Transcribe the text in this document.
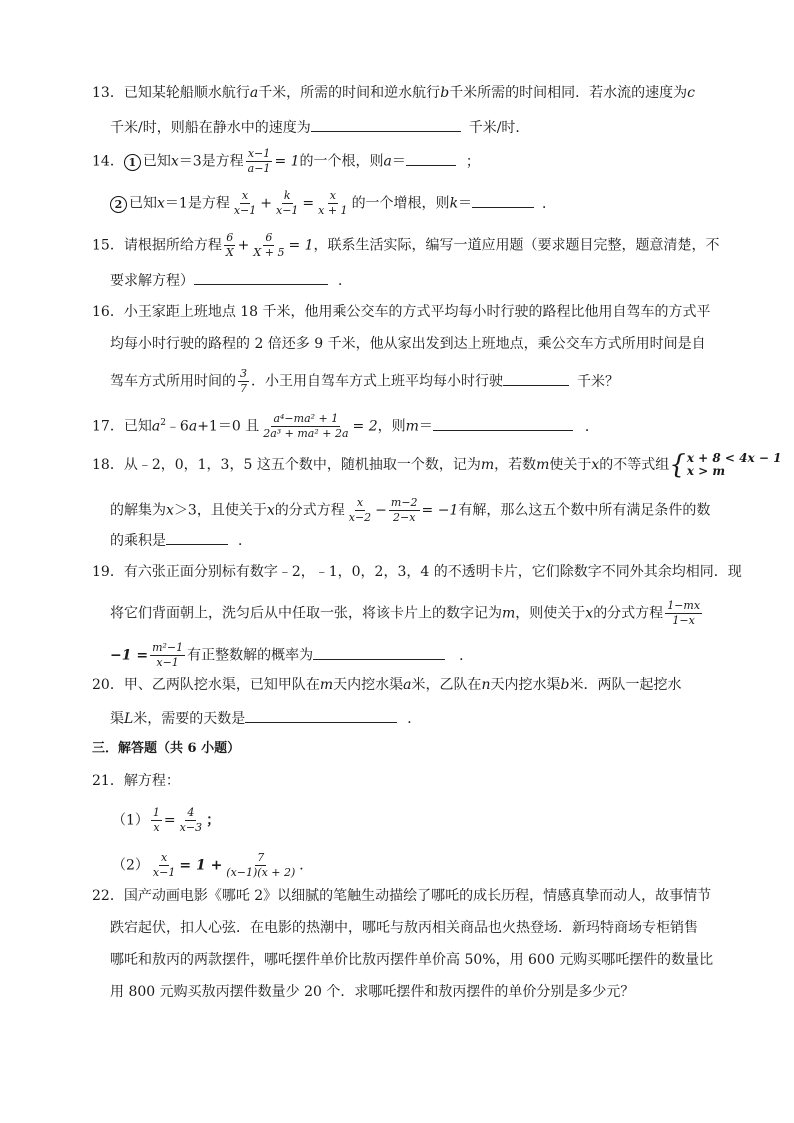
13．已知某轮船顺水航行a千米，所需的时间和逆水航行b千米所需的时间相同．若水流的速度为c
千米/时，则船在静水中的速度为	千米/时．
14． 1 已知x＝3是方程 $\frac{x-1}{a-1} = 1$的一个根，则a＝	；
2 已知x＝1是方程 $\frac{x}{x-1} + \frac{k}{x-1} = \frac{x}{x + 1}$ 的一个增根，则k＝	．
15．请根据所给方程 $\frac{6}{X} + \frac{6}{X + 5} = 1$，联系生活实际，编写一道应用题（要求题目完整，题意清楚，不
要求解方程）	．
16．小王家距上班地点 18 千米，他用乘公交车的方式平均每小时行驶的路程比他用自驾车的方式平
均每小时行驶的路程的 2 倍还多 9 千米，他从家出发到达上班地点，乘公交车方式所用时间是自
驾车方式所用时间的 $\frac{3}{7}$ ．小王用自驾车方式上班平均每小时行驶	千米？
17．已知$a^2﹣6a+1=0$ 且 $\frac{\text{a⁴−ma² + 1}}{\text{2a³ + ma² + 2a}} = 2$，则m＝	．
18．从﹣2，0，1，3，5 这五个数中，随机抽取一个数，记为m，若数m使关于x的不等式组 { x + 8 < 4x − 1
x > m
的解集为x＞3，且使关于x的分式方程 $\frac{x}{x-2} - \frac{m-2}{2-x} = -1$有解，那么这五个数中所有满足条件的数
的乘积是	．
19．有六张正面分别标有数字﹣2，﹣1，0，2，3，4 的不透明卡片，它们除数字不同外其余均相同．现
将它们背面朝上，洗匀后从中任取一张，将该卡片上的数字记为m，则使关于x的分式方程 $\frac{1-mx}{1-x}$
$-1 = \frac{\text{m²−1}}{x-1}$ 有正整数解的概率为	．
20．甲、乙两队挖水渠，已知甲队在m天内挖水渠a米，乙队在n天内挖水渠b米．两队一起挖水
渠L米，需要的天数是	．
三．解答题（共 6 小题）
21．解方程：
$(1) \frac{1}{x} = \frac{4}{x-3}$ ；
$(2) \frac{x}{x-1} = 1 + \frac{7}{(x-1)(x + 2)}$ ．
22．国产动画电影《哪吒 2》以细腻的笔触生动描绘了哪吒的成长历程，情感真挚而动人，故事情节
跌宕起伏，扣人心弦．在电影的热潮中，哪吒与敖丙相关商品也火热登场．新玛特商场专柜销售
哪吒和敖丙的两款摆件，哪吒摆件单价比敖丙摆件单价高 50%，用 600 元购买哪吒摆件的数量比
用 800 元购买敖丙摆件数量少 20 个．求哪吒摆件和敖丙摆件的单价分别是多少元？
